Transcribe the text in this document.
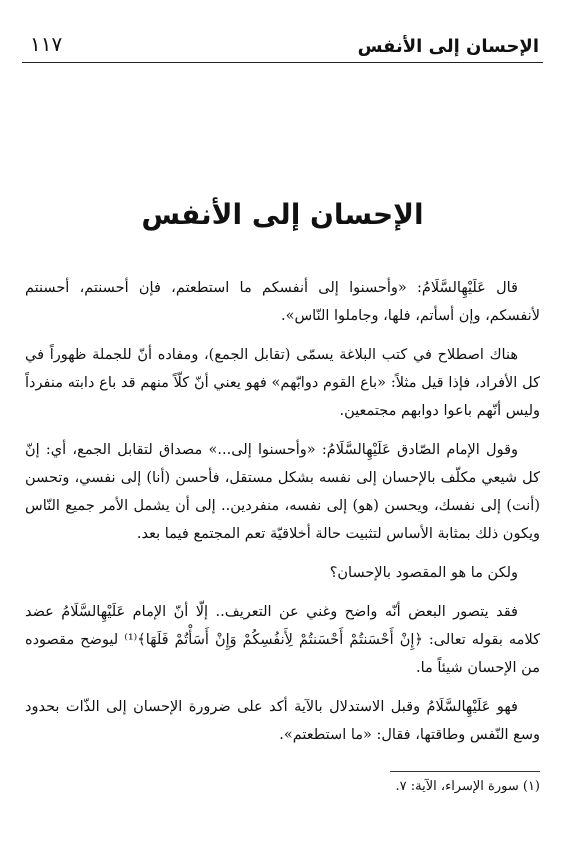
١١٧	الإحسان إلى الأنفس
الإحسان إلى الأنفس

قال عَلَيْهِالسَّلَامُ: «وأحسنوا إلى أنفسكم ما استطعتم، فإن أحسنتم، أحسنتم لأنفسكم، وإن أسأتم، فلها، وجاملوا النّاس».

هناك اصطلاح في كتب البلاغة يسمّى (تقابل الجمع)، ومفاده أنّ للجملة ظهوراً في كل الأفراد، فإذا قيل مثلاً: «باع القوم دوابّهم» فهو يعني أنّ كلّاً منهم قد باع دابته منفرداً وليس أنّهم باعوا دوابهم مجتمعين.

وقول الإمام الصّادق عَلَيْهِالسَّلَامُ: «وأحسنوا إلى...» مصداق لتقابل الجمع، أي: إنّ كل شيعي مكلّف بالإحسان إلى نفسه بشكل مستقل، فأحسن (أنا) إلى نفسي، وتحسن (أنت) إلى نفسك، ويحسن (هو) إلى نفسه، منفردين.. إلى أن يشمل الأمر جميع النّاس ويكون ذلك بمثابة الأساس لتثبيت حالة أخلاقيّة تعم المجتمع فيما بعد.

ولكن ما هو المقصود بالإحسان؟

فقد يتصور البعض أنّه واضح وغني عن التعريف.. إلّا أنّ الإمام عَلَيْهِالسَّلَامُ عضد كلامه بقوله تعالى: ﴿إِنْ أَحْسَنتُمْ أَحْسَنتُمْ لِأَنفُسِكُمْ وَإِنْ أَسَأْتُمْ فَلَهَا﴾⁽¹⁾ ليوضح مقصوده من الإحسان شيئاً ما.

فهو عَلَيْهِالسَّلَامُ وقبل الاستدلال بالآية أكد على ضرورة الإحسان إلى الذّات بحدود وسع النّفس وطاقتها، فقال: «ما استطعتم».

(١) سورة الإسراء، الآية: ٧.
